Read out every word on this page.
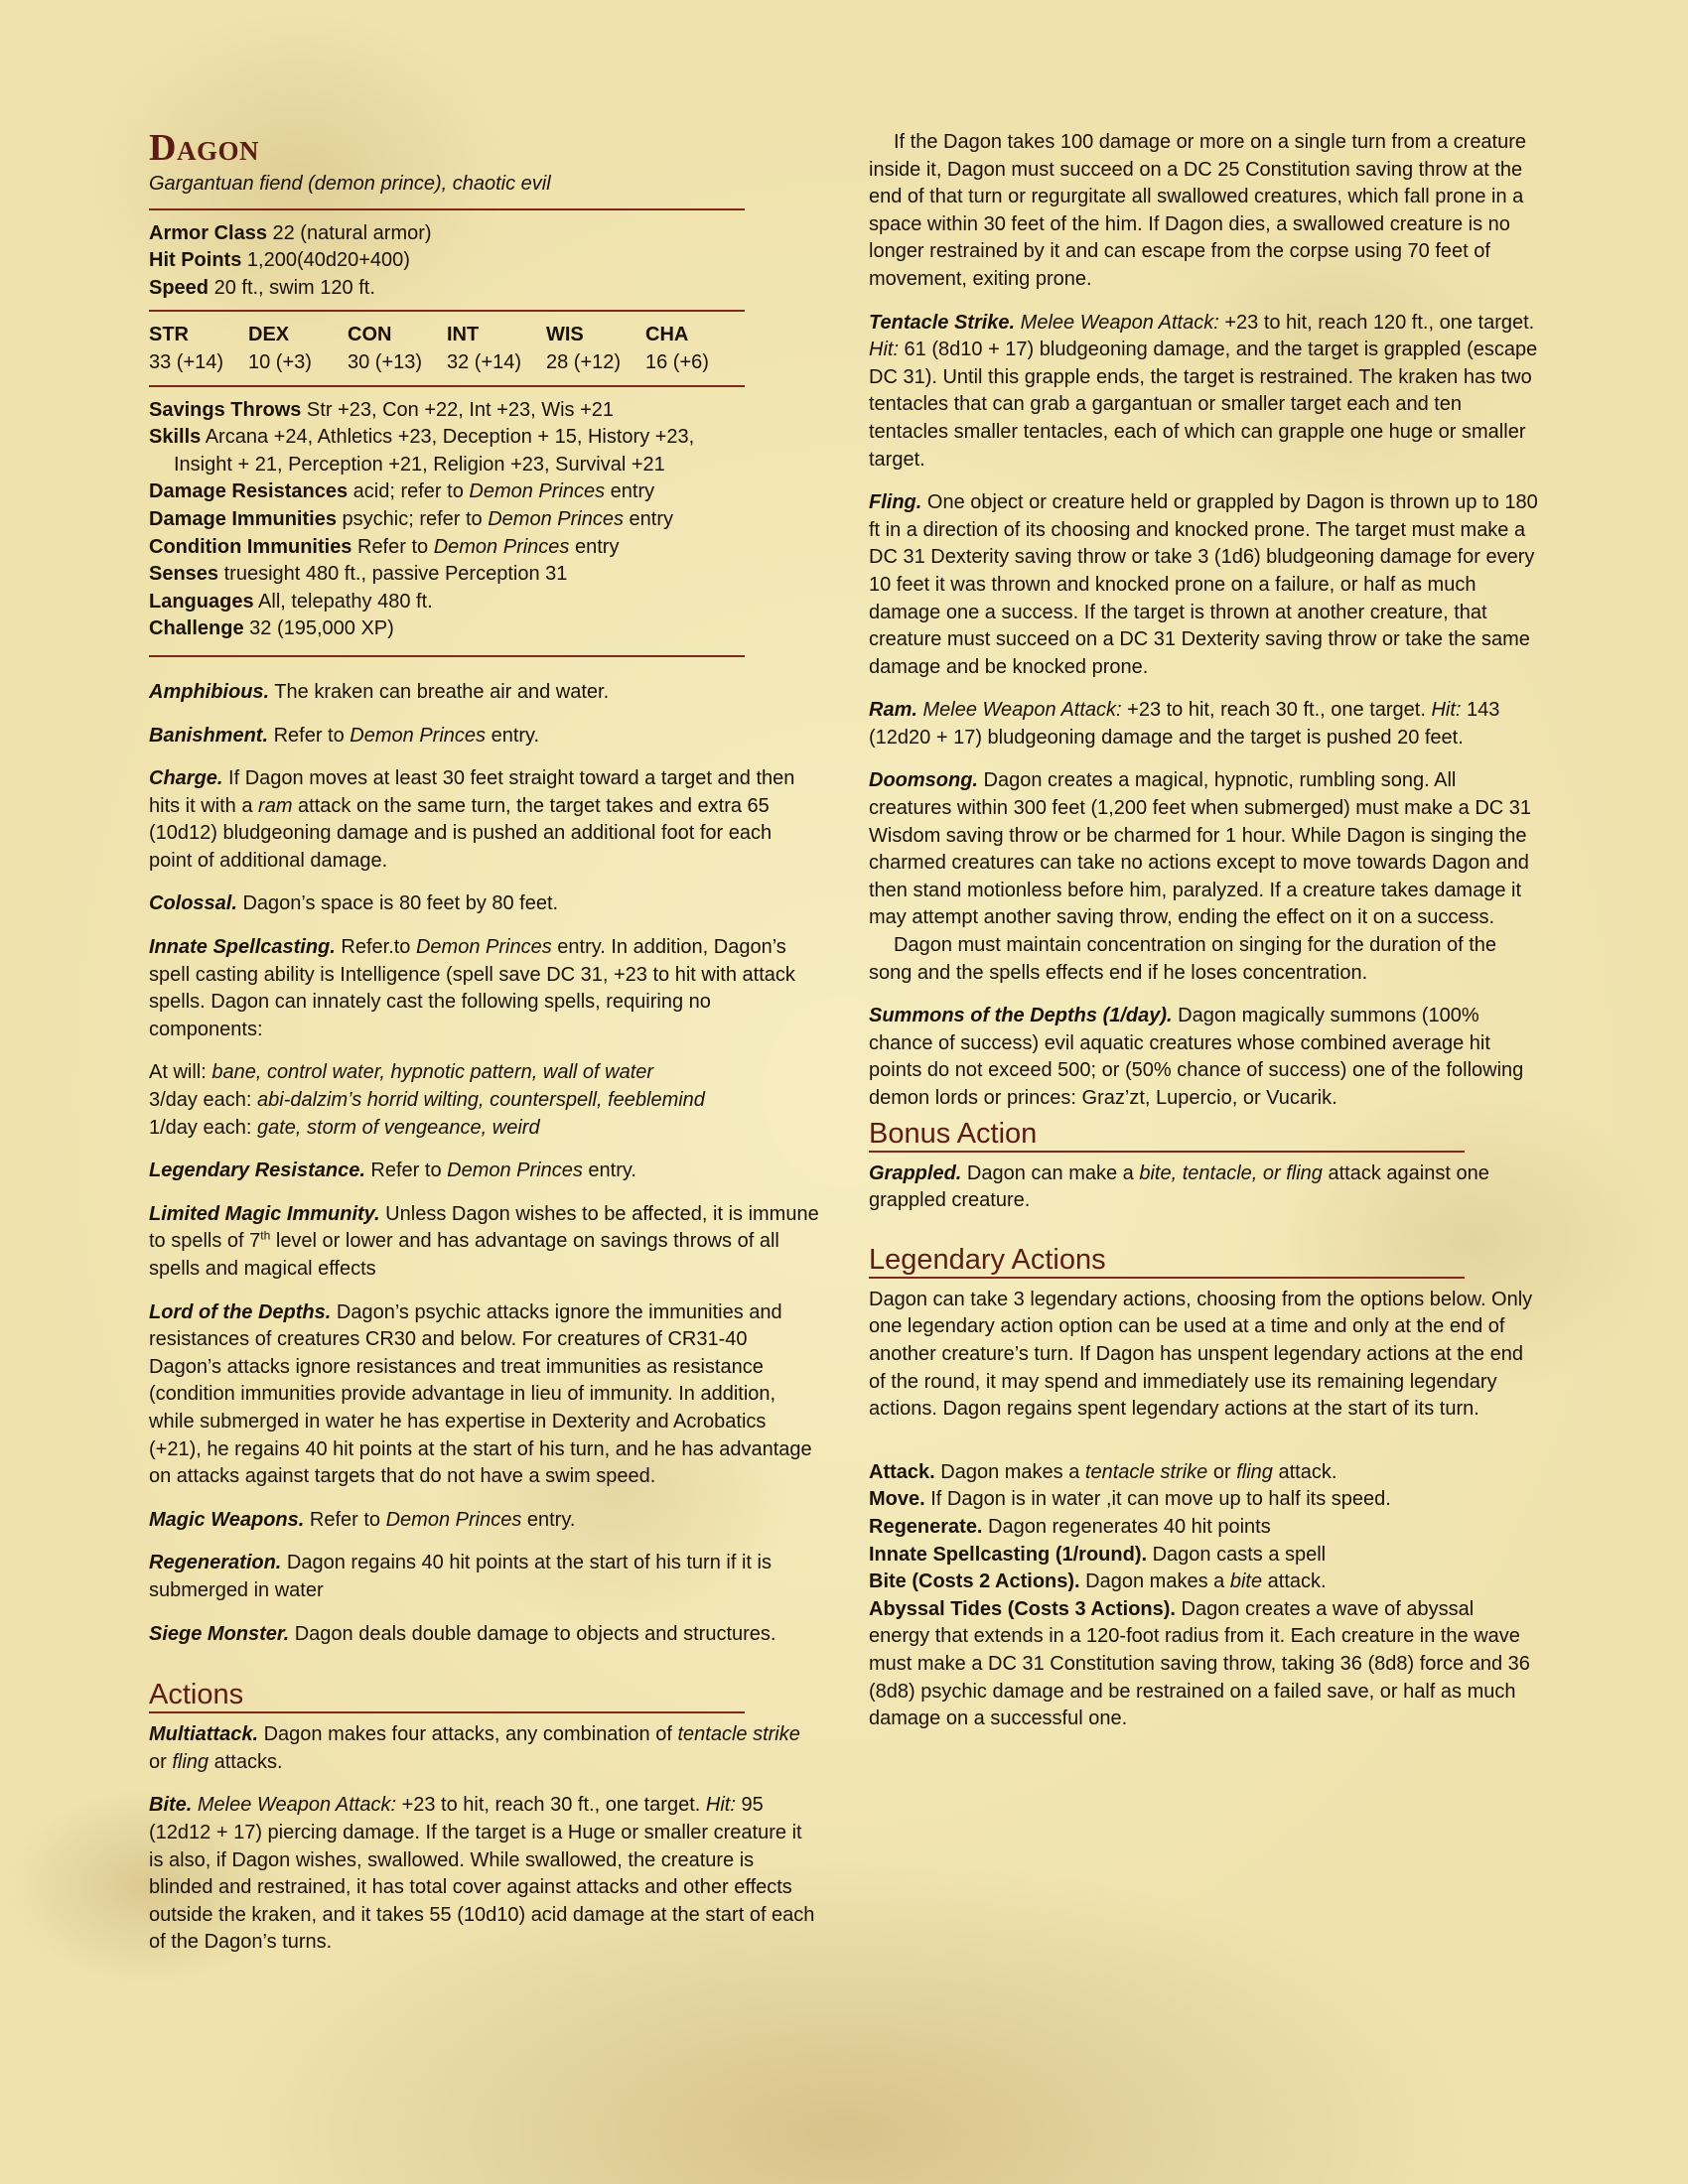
Dagon

Gargantuan fiend (demon prince), chaotic evil

Armor Class 22 (natural armor)

Hit Points 1,200(40d20+400)

Speed 20 ft., swim 120 ft.

STR	DEX	CON	INT	WIS	CHA
33 (+14)	10 (+3)	30 (+13)	32 (+14)	28 (+12)	16 (+6)

Savings Throws Str +23, Con +22, Int +23, Wis +21

Skills Arcana +24, Athletics +23, Deception + 15, History +23,

Insight + 21, Perception +21, Religion +23, Survival +21

Damage Resistances acid; refer to Demon Princes entry

Damage Immunities psychic; refer to Demon Princes entry

Condition Immunities Refer to Demon Princes entry

Senses truesight 480 ft., passive Perception 31

Languages All, telepathy 480 ft.

Challenge 32 (195,000 XP)

Amphibious. The kraken can breathe air and water.

Banishment. Refer to Demon Princes entry.

Charge. If Dagon moves at least 30 feet straight toward a target and then hits it with a ram attack on the same turn, the target takes and extra 65 (10d12) bludgeoning damage and is pushed an additional foot for each point of additional damage.

Colossal. Dagon’s space is 80 feet by 80 feet.

Innate Spellcasting. Refer.to Demon Princes entry. In addition, Dagon’s spell casting ability is Intelligence (spell save DC 31, +23 to hit with attack spells. Dagon can innately cast the following spells, requiring no components:

At will: bane, control water, hypnotic pattern, wall of water

3/day each: abi-dalzim’s horrid wilting, counterspell, feeblemind

1/day each: gate, storm of vengeance, weird

Legendary Resistance. Refer to Demon Princes entry.

Limited Magic Immunity. Unless Dagon wishes to be affected, it is immune to spells of 7th level or lower and has advantage on savings throws of all spells and magical effects

Lord of the Depths. Dagon’s psychic attacks ignore the immunities and resistances of creatures CR30 and below. For creatures of CR31-40 Dagon’s attacks ignore resistances and treat immunities as resistance (condition immunities provide advantage in lieu of immunity. In addition, while submerged in water he has expertise in Dexterity and Acrobatics (+21), he regains 40 hit points at the start of his turn, and he has advantage on attacks against targets that do not have a swim speed.

Magic Weapons. Refer to Demon Princes entry.

Regeneration. Dagon regains 40 hit points at the start of his turn if it is submerged in water

Siege Monster. Dagon deals double damage to objects and structures.

Actions

Multiattack. Dagon makes four attacks, any combination of tentacle strike or fling attacks.

Bite. Melee Weapon Attack: +23 to hit, reach 30 ft., one target. Hit: 95 (12d12 + 17) piercing damage. If the target is a Huge or smaller creature it is also, if Dagon wishes, swallowed. While swallowed, the creature is blinded and restrained, it has total cover against attacks and other effects outside the kraken, and it takes 55 (10d10) acid damage at the start of each of the Dagon’s turns.

If the Dagon takes 100 damage or more on a single turn from a creature inside it, Dagon must succeed on a DC 25 Constitution saving throw at the end of that turn or regurgitate all swallowed creatures, which fall prone in a space within 30 feet of the him. If Dagon dies, a swallowed creature is no longer restrained by it and can escape from the corpse using 70 feet of movement, exiting prone.

Tentacle Strike. Melee Weapon Attack: +23 to hit, reach 120 ft., one target. Hit: 61 (8d10 + 17) bludgeoning damage, and the target is grappled (escape DC 31). Until this grapple ends, the target is restrained. The kraken has two tentacles that can grab a gargantuan or smaller target each and ten tentacles smaller tentacles, each of which can grapple one huge or smaller target.

Fling. One object or creature held or grappled by Dagon is thrown up to 180 ft in a direction of its choosing and knocked prone. The target must make a DC 31 Dexterity saving throw or take 3 (1d6) bludgeoning damage for every 10 feet it was thrown and knocked prone on a failure, or half as much damage one a success. If the target is thrown at another creature, that creature must succeed on a DC 31 Dexterity saving throw or take the same damage and be knocked prone.

Ram. Melee Weapon Attack: +23 to hit, reach 30 ft., one target. Hit: 143 (12d20 + 17) bludgeoning damage and the target is pushed 20 feet.

Doomsong. Dagon creates a magical, hypnotic, rumbling song. All creatures within 300 feet (1,200 feet when submerged) must make a DC 31 Wisdom saving throw or be charmed for 1 hour. While Dagon is singing the charmed creatures can take no actions except to move towards Dagon and then stand motionless before him, paralyzed. If a creature takes damage it may attempt another saving throw, ending the effect on it on a success.

Dagon must maintain concentration on singing for the duration of the song and the spells effects end if he loses concentration.

Summons of the Depths (1/day). Dagon magically summons (100% chance of success) evil aquatic creatures whose combined average hit points do not exceed 500; or (50% chance of success) one of the following demon lords or princes: Graz’zt, Lupercio, or Vucarik.

Bonus Action

Grappled. Dagon can make a bite, tentacle, or fling attack against one grappled creature.

Legendary Actions

Dagon can take 3 legendary actions, choosing from the options below. Only one legendary action option can be used at a time and only at the end of another creature’s turn. If Dagon has unspent legendary actions at the end of the round, it may spend and immediately use its remaining legendary actions. Dagon regains spent legendary actions at the start of its turn.

Attack. Dagon makes a tentacle strike or fling attack.

Move. If Dagon is in water ,it can move up to half its speed.

Regenerate. Dagon regenerates 40 hit points

Innate Spellcasting (1/round). Dagon casts a spell

Bite (Costs 2 Actions). Dagon makes a bite attack.

Abyssal Tides (Costs 3 Actions). Dagon creates a wave of abyssal energy that extends in a 120-foot radius from it. Each creature in the wave must make a DC 31 Constitution saving throw, taking 36 (8d8) force and 36 (8d8) psychic damage and be restrained on a failed save, or half as much damage on a successful one.
